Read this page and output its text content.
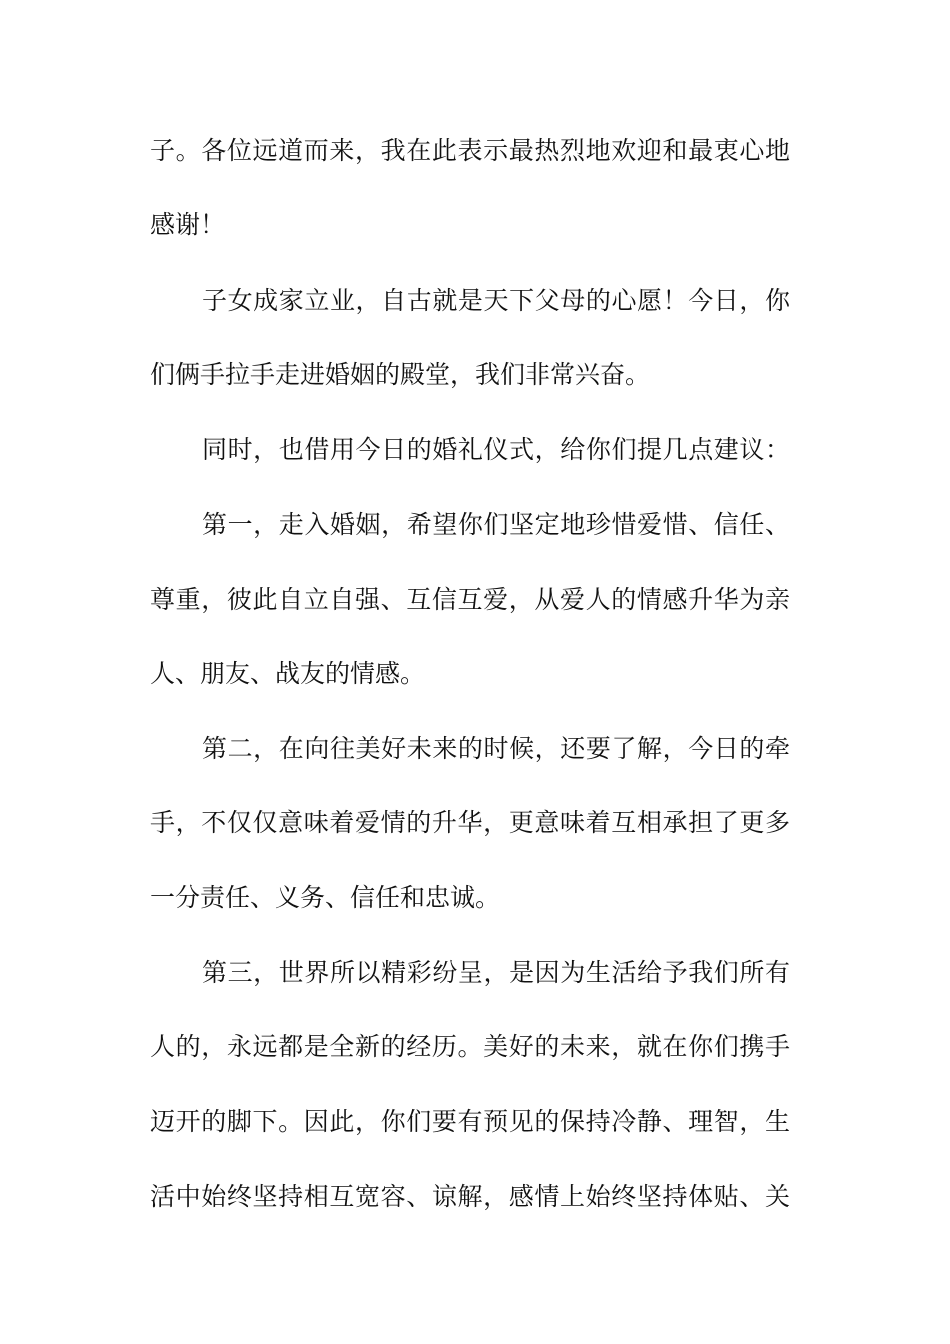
子。各位远道而来，我在此表示最热烈地欢迎和最衷心地
感谢！
子女成家立业，自古就是天下父母的心愿！今日，你
们俩手拉手走进婚姻的殿堂，我们非常兴奋。
同时，也借用今日的婚礼仪式，给你们提几点建议：
第一，走入婚姻，希望你们坚定地珍惜爱惜、信任、
尊重，彼此自立自强、互信互爱，从爱人的情感升华为亲
人、朋友、战友的情感。
第二，在向往美好未来的时候，还要了解，今日的牵
手，不仅仅意味着爱情的升华，更意味着互相承担了更多
一分责任、义务、信任和忠诚。
第三，世界所以精彩纷呈，是因为生活给予我们所有
人的，永远都是全新的经历。美好的未来，就在你们携手
迈开的脚下。因此，你们要有预见的保持冷静、理智，生
活中始终坚持相互宽容、谅解，感情上始终坚持体贴、关
